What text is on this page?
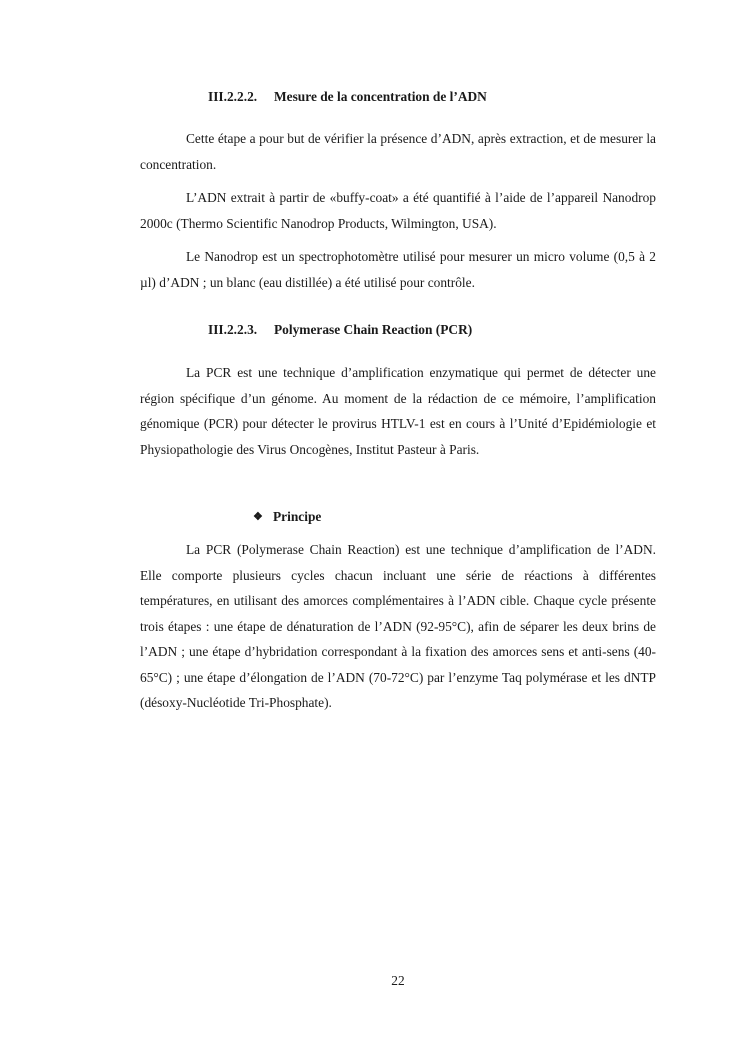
III.2.2.2. Mesure de la concentration de l’ADN

Cette étape a pour but de vérifier la présence d’ADN, après extraction, et de mesurer la concentration.

L’ADN extrait à partir de «buffy-coat» a été quantifié à l’aide de l’appareil Nanodrop 2000c (Thermo Scientific Nanodrop Products, Wilmington, USA).

Le Nanodrop est un spectrophotomètre utilisé pour mesurer un micro volume (0,5 à 2 µl) d’ADN ; un blanc (eau distillée) a été utilisé pour contrôle.

III.2.2.3. Polymerase Chain Reaction (PCR)

La PCR est une technique d’amplification enzymatique qui permet de détecter une région spécifique d’un génome. Au moment de la rédaction de ce mémoire, l’amplification génomique (PCR) pour détecter le provirus HTLV-1 est en cours à l’Unité d’Epidémiologie et Physiopathologie des Virus Oncogènes, Institut Pasteur à Paris.

❖ Principe

La PCR (Polymerase Chain Reaction) est une technique d’amplification de l’ADN. Elle comporte plusieurs cycles chacun incluant une série de réactions à différentes températures, en utilisant des amorces complémentaires à l’ADN cible. Chaque cycle présente trois étapes : une étape de dénaturation de l’ADN (92-95°C), afin de séparer les deux brins de l’ADN ; une étape d’hybridation correspondant à la fixation des amorces sens et anti-sens (40-65°C) ; une étape d’élongation de l’ADN (70-72°C) par l’enzyme Taq polymérase et les dNTP (désoxy-Nucléotide Tri-Phosphate).

22
